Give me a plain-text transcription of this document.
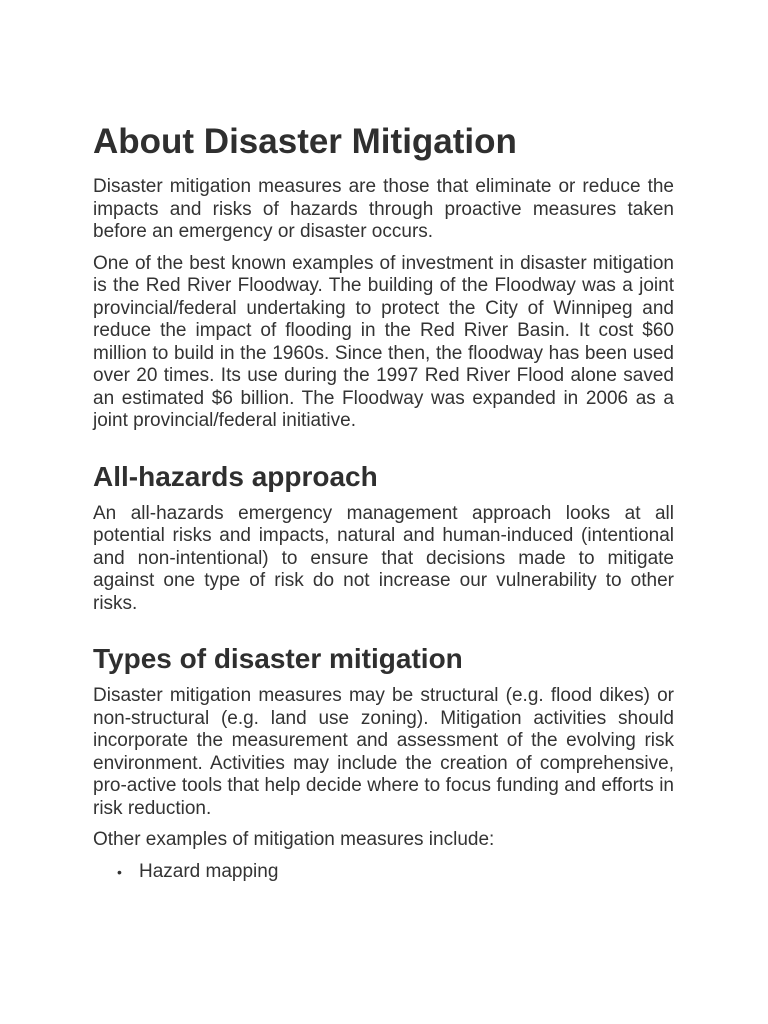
About Disaster Mitigation

Disaster mitigation measures are those that eliminate or reduce the impacts and risks of hazards through proactive measures taken before an emergency or disaster occurs.

One of the best known examples of investment in disaster mitigation is the Red River Floodway. The building of the Floodway was a joint provincial/federal undertaking to protect the City of Winnipeg and reduce the impact of flooding in the Red River Basin. It cost $60 million to build in the 1960s. Since then, the floodway has been used over 20 times. Its use during the 1997 Red River Flood alone saved an estimated $6 billion. The Floodway was expanded in 2006 as a joint provincial/federal initiative.

All-hazards approach

An all-hazards emergency management approach looks at all potential risks and impacts, natural and human-induced (intentional and non-intentional) to ensure that decisions made to mitigate against one type of risk do not increase our vulnerability to other risks.

Types of disaster mitigation

Disaster mitigation measures may be structural (e.g. flood dikes) or non-structural (e.g. land use zoning). Mitigation activities should incorporate the measurement and assessment of the evolving risk environment. Activities may include the creation of comprehensive, pro-active tools that help decide where to focus funding and efforts in risk reduction.

Other examples of mitigation measures include:

• Hazard mapping
